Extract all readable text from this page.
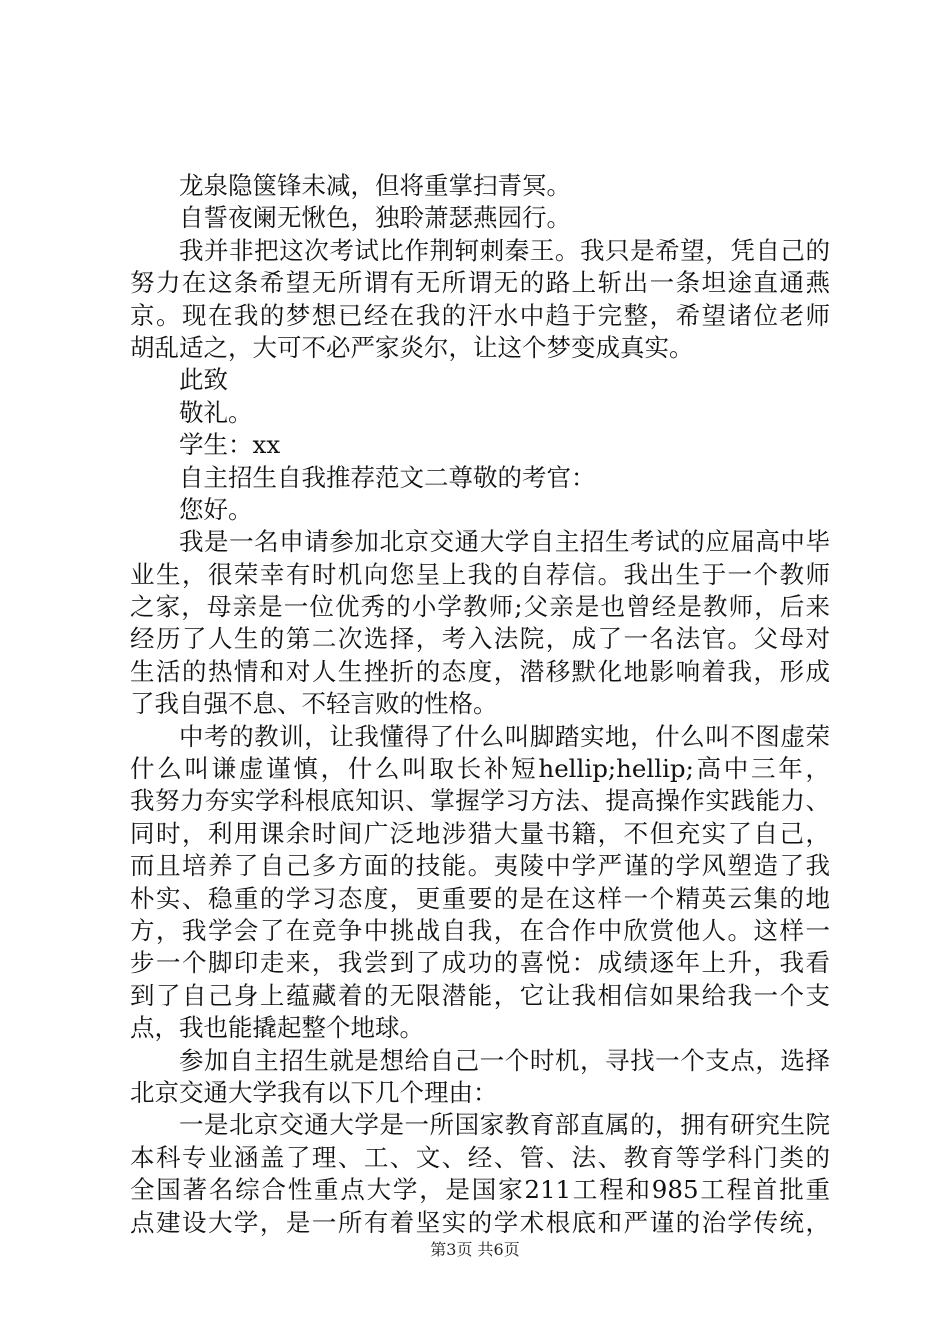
龙泉隐箧锋未减，但将重掌扫青冥。
自誓夜阑无愀色，独聆萧瑟燕园行。
我并非把这次考试比作荆轲刺秦王。我只是希望，凭自己的
努力在这条希望无所谓有无所谓无的路上斩出一条坦途直通燕
京。现在我的梦想已经在我的汗水中趋于完整，希望诸位老师
胡乱适之，大可不必严家炎尔，让这个梦变成真实。
此致
敬礼。
学生：xx
自主招生自我推荐范文二尊敬的考官：
您好。
我是一名申请参加北京交通大学自主招生考试的应届高中毕
业生，很荣幸有时机向您呈上我的自荐信。我出生于一个教师
之家，母亲是一位优秀的小学教师;父亲是也曾经是教师，后来
经历了人生的第二次选择，考入法院，成了一名法官。父母对
生活的热情和对人生挫折的态度，潜移默化地影响着我，形成
了我自强不息、不轻言败的性格。
中考的教训，让我懂得了什么叫脚踏实地，什么叫不图虚荣
什么叫谦虚谨慎，什么叫取长补短hellip;hellip;高中三年，
我努力夯实学科根底知识、掌握学习方法、提高操作实践能力、
同时，利用课余时间广泛地涉猎大量书籍，不但充实了自己，
而且培养了自己多方面的技能。夷陵中学严谨的学风塑造了我
朴实、稳重的学习态度，更重要的是在这样一个精英云集的地
方，我学会了在竞争中挑战自我，在合作中欣赏他人。这样一
步一个脚印走来，我尝到了成功的喜悦：成绩逐年上升，我看
到了自己身上蕴藏着的无限潜能，它让我相信如果给我一个支
点，我也能撬起整个地球。
参加自主招生就是想给自己一个时机，寻找一个支点，选择
北京交通大学我有以下几个理由：
一是北京交通大学是一所国家教育部直属的，拥有研究生院
本科专业涵盖了理、工、文、经、管、法、教育等学科门类的
全国著名综合性重点大学，是国家211工程和985工程首批重
点建设大学，是一所有着坚实的学术根底和严谨的治学传统，
第3页 共6页
